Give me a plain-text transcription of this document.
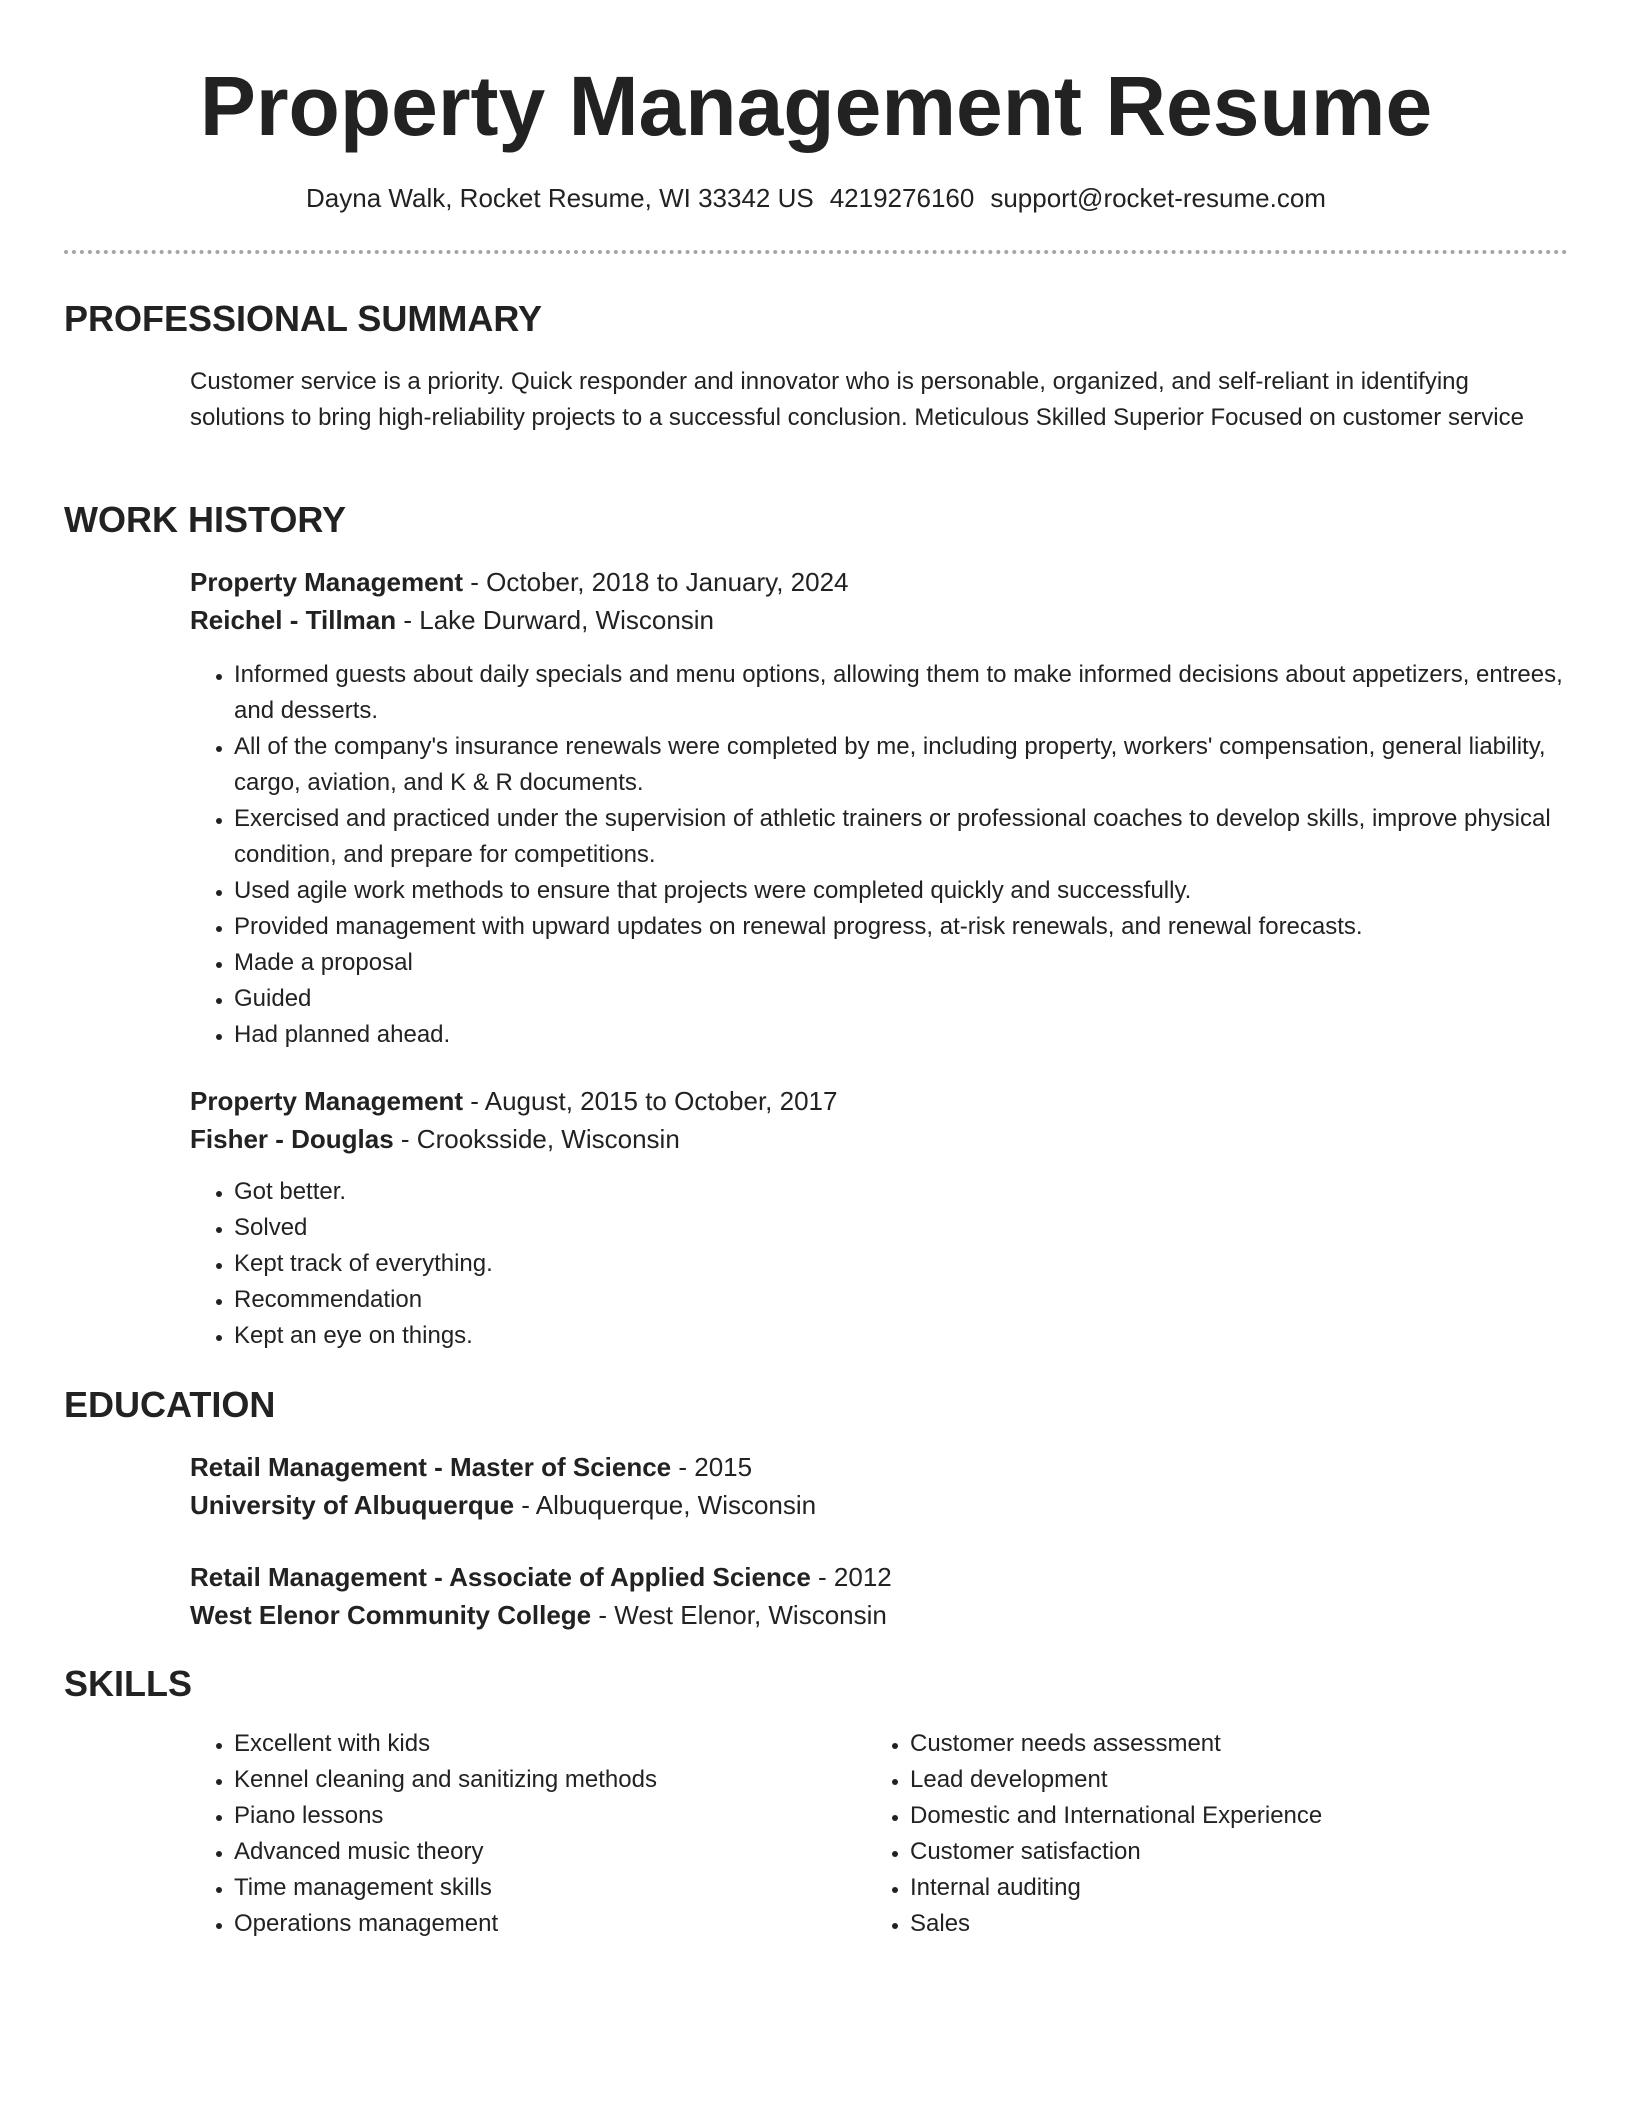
Property Management Resume
Dayna Walk, Rocket Resume, WI 33342 US 4219276160 support@rocket-resume.com
PROFESSIONAL SUMMARY

Customer service is a priority. Quick responder and innovator who is personable, organized, and self-reliant in identifying solutions to bring high-reliability projects to a successful conclusion. Meticulous Skilled Superior Focused on customer service

WORK HISTORY

Property Management - October, 2018 to January, 2024

Reichel - Tillman - Lake Durward, Wisconsin

• Informed guests about daily specials and menu options, allowing them to make informed decisions about appetizers, entrees, and desserts.
• All of the company's insurance renewals were completed by me, including property, workers' compensation, general liability, cargo, aviation, and K & R documents.
• Exercised and practiced under the supervision of athletic trainers or professional coaches to develop skills, improve physical condition, and prepare for competitions.
• Used agile work methods to ensure that projects were completed quickly and successfully.
• Provided management with upward updates on renewal progress, at-risk renewals, and renewal forecasts.
• Made a proposal
• Guided
• Had planned ahead.

Property Management - August, 2015 to October, 2017

Fisher - Douglas - Crooksside, Wisconsin

• Got better.
• Solved
• Kept track of everything.
• Recommendation
• Kept an eye on things.
EDUCATION

Retail Management - Master of Science - 2015

University of Albuquerque - Albuquerque, Wisconsin

Retail Management - Associate of Applied Science - 2012

West Elenor Community College - West Elenor, Wisconsin

SKILLS
• Excellent with kids
• Kennel cleaning and sanitizing methods
• Piano lessons
• Advanced music theory
• Time management skills
• Operations management
• Customer needs assessment
• Lead development
• Domestic and International Experience
• Customer satisfaction
• Internal auditing
• Sales
